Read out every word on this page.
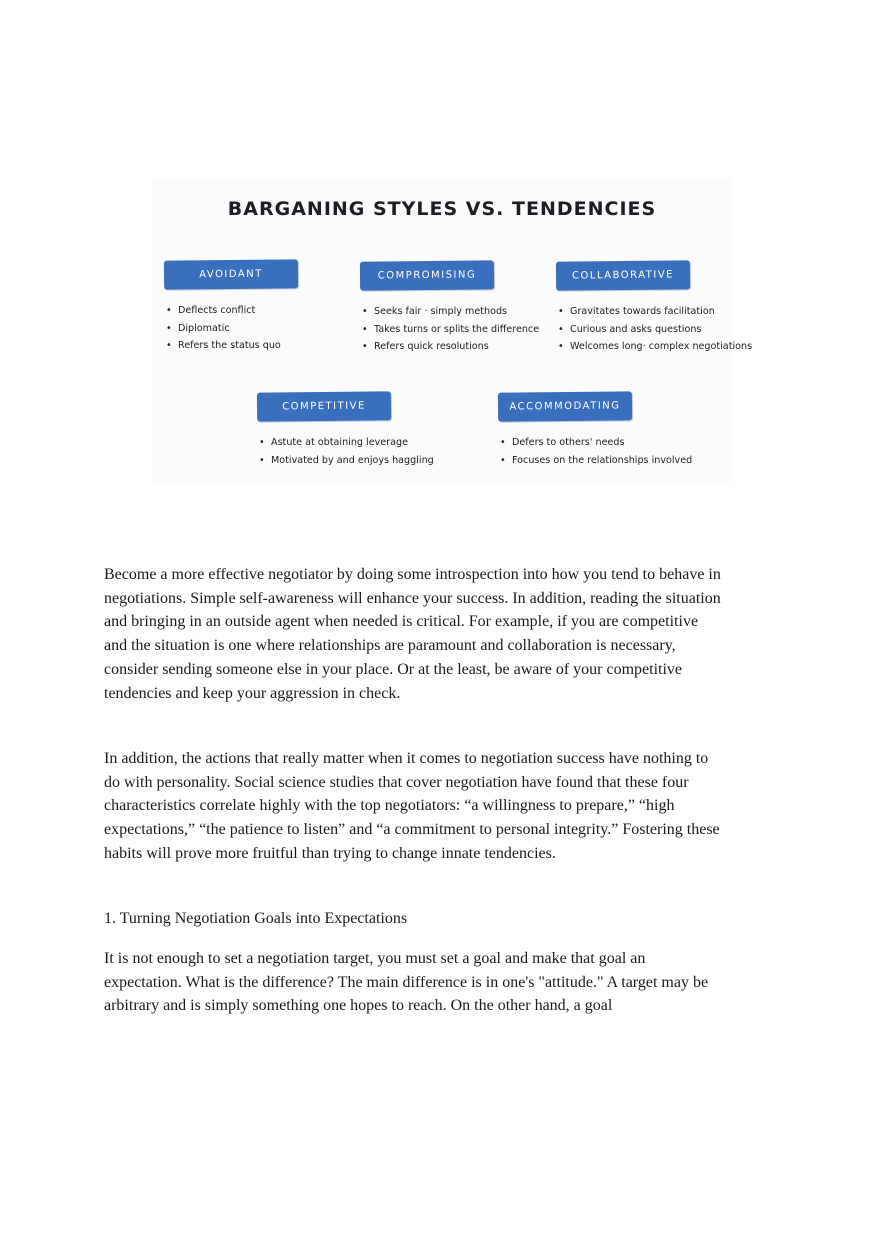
BARGANING STYLES VS. TENDENCIES
AVOIDANT
• Deflects conflict
• Diplomatic
• Refers the status quo
COMPROMISING
• Seeks fair · simply methods
• Takes turns or splits the difference
• Refers quick resolutions
COLLABORATIVE
• Gravitates towards facilitation
• Curious and asks questions
• Welcomes long· complex negotiations
COMPETITIVE
• Astute at obtaining leverage
• Motivated by and enjoys haggling
ACCOMMODATING
• Defers to others' needs
• Focuses on the relationships involved

Become a more effective negotiator by doing some introspection into how you tend to behave in negotiations. Simple self-awareness will enhance your success. In addition, reading the situation and bringing in an outside agent when needed is critical. For example, if you are competitive and the situation is one where relationships are paramount and collaboration is necessary, consider sending someone else in your place. Or at the least, be aware of your competitive tendencies and keep your aggression in check.

In addition, the actions that really matter when it comes to negotiation success have nothing to do with personality. Social science studies that cover negotiation have found that these four characteristics correlate highly with the top negotiators: “a willingness to prepare,” “high expectations,” “the patience to listen” and “a commitment to personal integrity.” Fostering these habits will prove more fruitful than trying to change innate tendencies.

1. Turning Negotiation Goals into Expectations

It is not enough to set a negotiation target, you must set a goal and make that goal an expectation. What is the difference? The main difference is in one's "attitude." A target may be arbitrary and is simply something one hopes to reach. On the other hand, a goal
